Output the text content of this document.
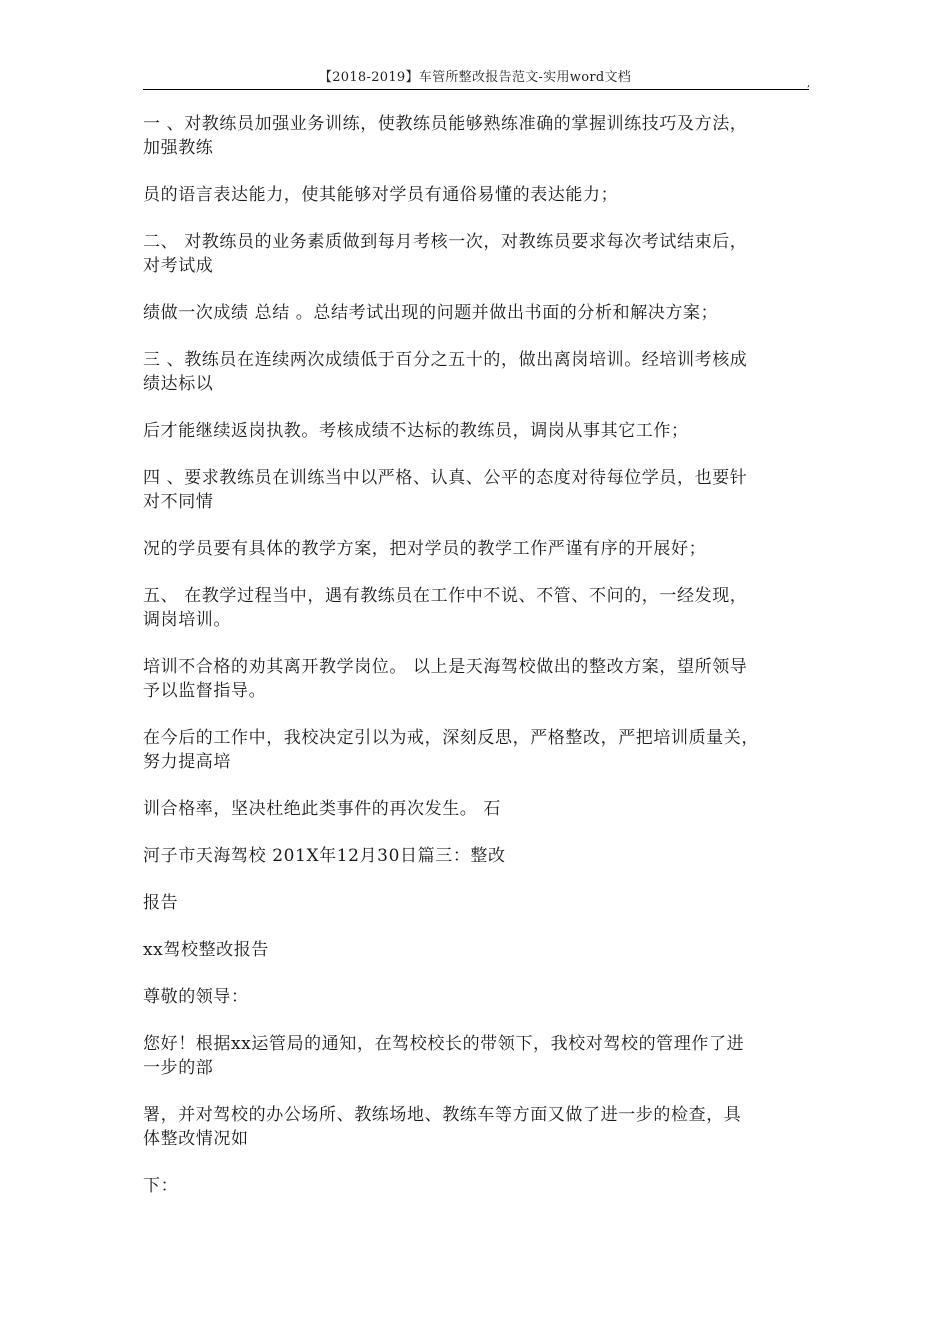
【2018-2019】车管所整改报告范文-实用word文档	,

一 、对教练员加强业务训练，使教练员能够熟练准确的掌握训练技巧及方法，
加强教练

员的语言表达能力，使其能够对学员有通俗易懂的表达能力；

二、 对教练员的业务素质做到每月考核一次，对教练员要求每次考试结束后，
对考试成

绩做一次成绩 总结 。总结考试出现的问题并做出书面的分析和解决方案；

三 、教练员在连续两次成绩低于百分之五十的，做出离岗培训。经培训考核成
绩达标以

后才能继续返岗执教。考核成绩不达标的教练员，调岗从事其它工作；

四 、要求教练员在训练当中以严格、认真、公平的态度对待每位学员，也要针
对不同情

况的学员要有具体的教学方案，把对学员的教学工作严谨有序的开展好；

五、 在教学过程当中，遇有教练员在工作中不说、不管、不问的，一经发现，
调岗培训。

培训不合格的劝其离开教学岗位。 以上是天海驾校做出的整改方案，望所领导
予以监督指导。

在今后的工作中，我校决定引以为戒，深刻反思，严格整改，严把培训质量关，
努力提高培

训合格率，坚决杜绝此类事件的再次发生。 石

河子市天海驾校 201X年12月30日篇三：整改

报告

xx驾校整改报告

尊敬的领导：

您好！根据xx运管局的通知，在驾校校长的带领下，我校对驾校的管理作了进
一步的部

署，并对驾校的办公场所、教练场地、教练车等方面又做了进一步的检查，具
体整改情况如

下：
